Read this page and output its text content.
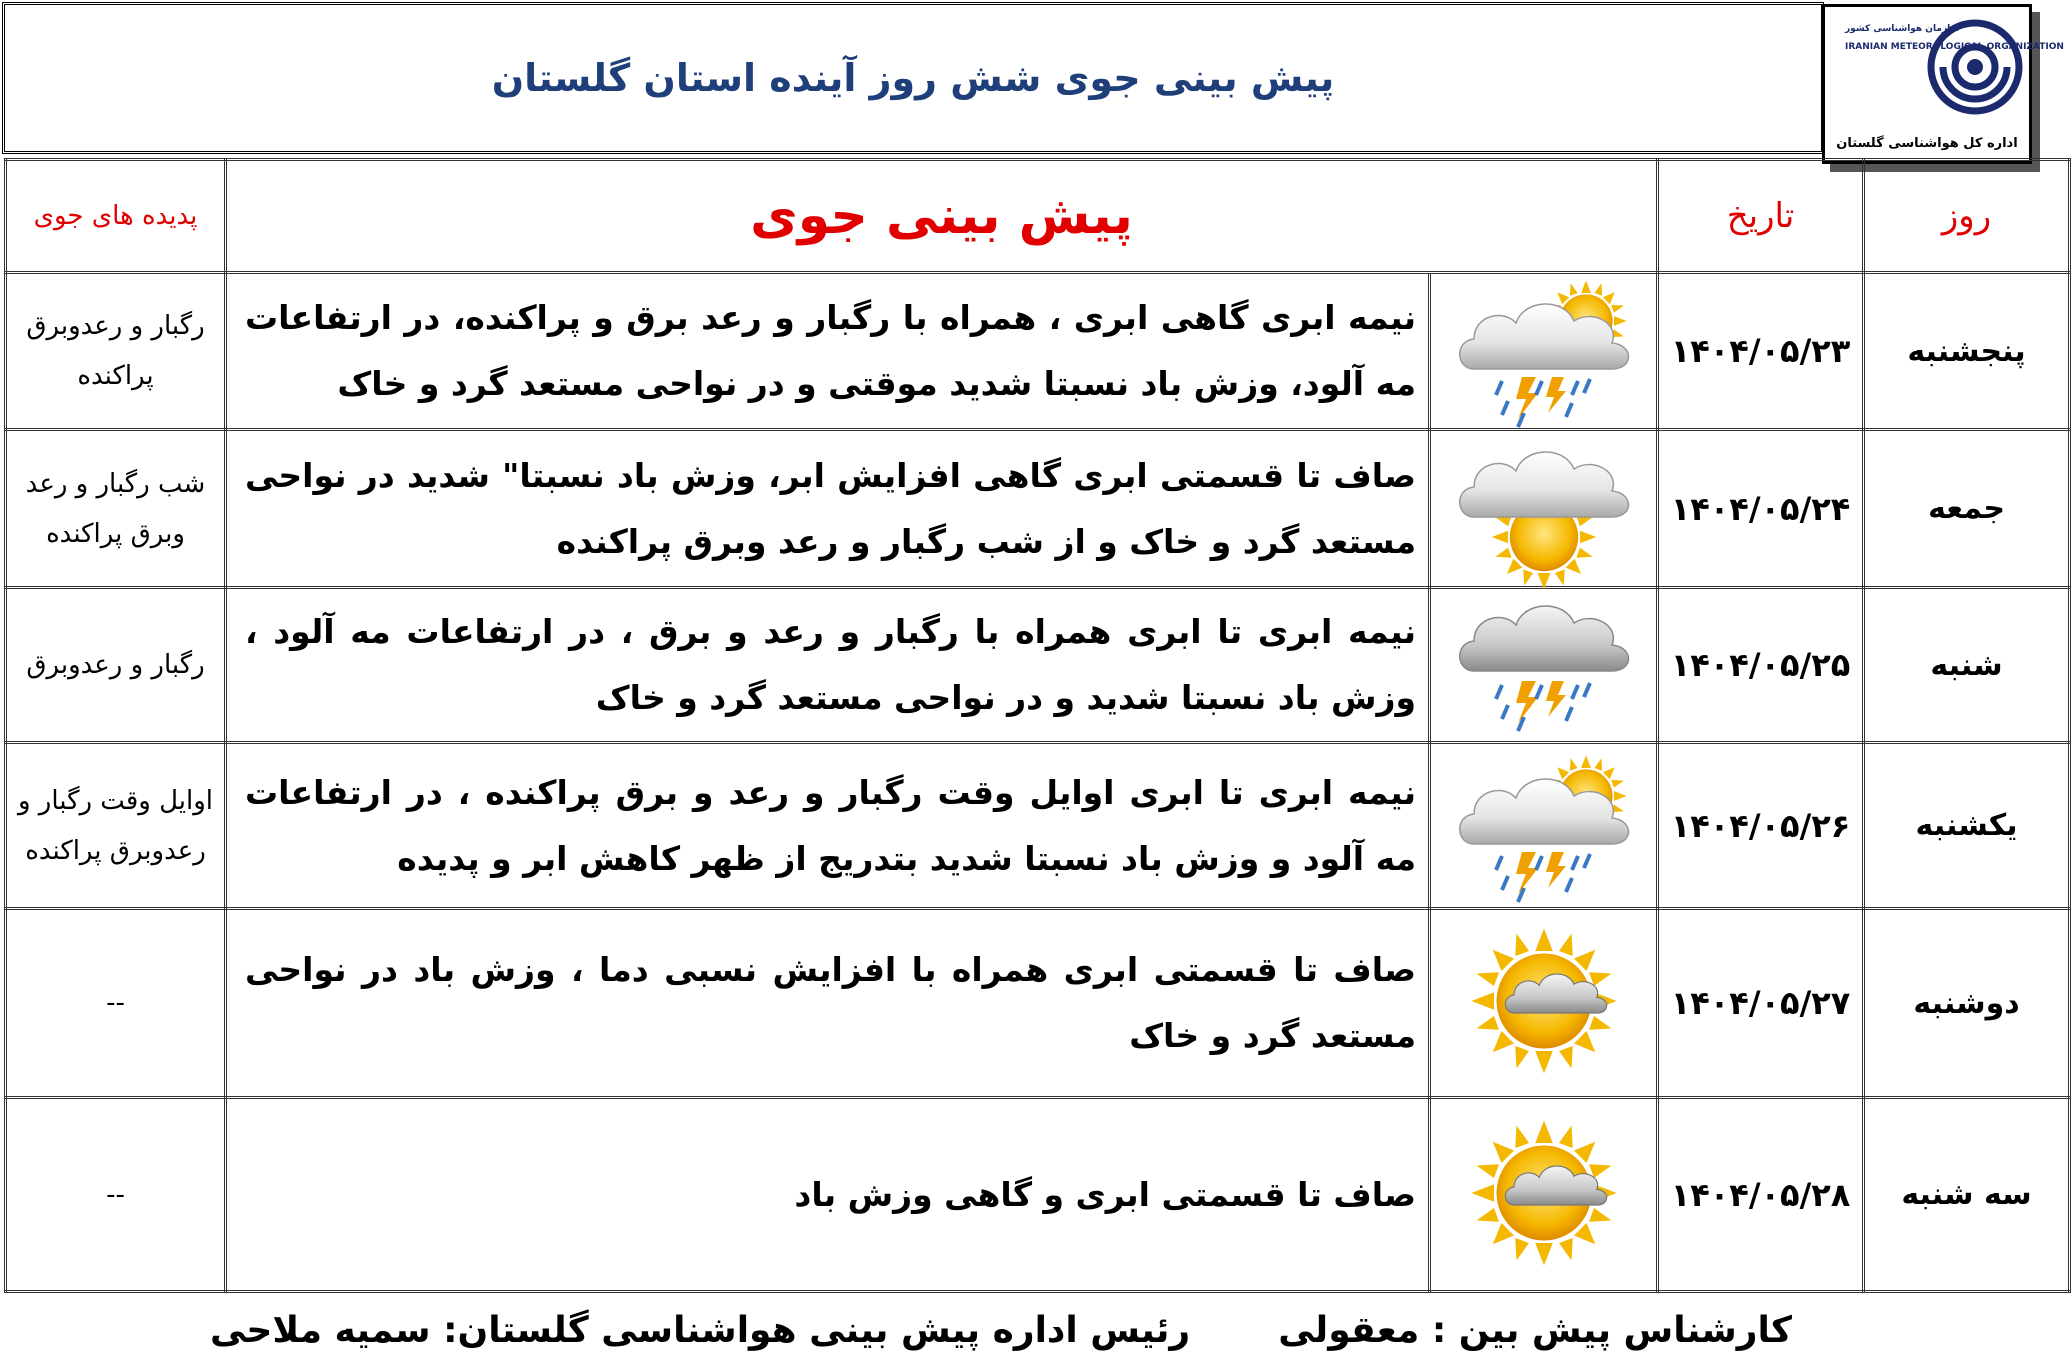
پیش بینی جوی شش روز آینده استان گلستان
سازمان هواشناسی کشور
IRANIAN METEOROLOGICAL ORGANIZATION
اداره کل هواشناسی گلستان
روز	تاریخ	پیش بینی جوی		پدیده های جوی
پنجشنبه	۱۴۰۴/۰۵/۲۳		نیمه ابری گاهی ابری ، همراه با رگبار و رعد برق و پراکنده، در ارتفاعات مه آلود، وزش باد نسبتا شدید موقتی و در نواحی مستعد گرد و خاک	رگبار و رعدوبرق پراکنده
جمعه	۱۴۰۴/۰۵/۲۴		صاف تا قسمتی ابری گاهی افزایش ابر، وزش باد نسبتا" شدید در نواحی مستعد گرد و خاک و از شب رگبار و رعد وبرق پراکنده	شب رگبار و رعد وبرق پراکنده
شنبه	۱۴۰۴/۰۵/۲۵		نیمه ابری تا ابری همراه با رگبار و رعد و برق ، در ارتفاعات مه آلود ، وزش باد نسبتا شدید و در نواحی مستعد گرد و خاک	رگبار و رعدوبرق
یکشنبه	۱۴۰۴/۰۵/۲۶		نیمه ابری تا ابری اوایل وقت رگبار و رعد و برق پراکنده ، در ارتفاعات مه آلود و وزش باد نسبتا شدید بتدریج از ظهر کاهش ابر و پدیده	اوایل وقت رگبار و رعدوبرق پراکنده
دوشنبه	۱۴۰۴/۰۵/۲۷		صاف تا قسمتی ابری همراه با افزایش نسبی دما ، وزش باد در نواحی مستعد گرد و خاک	--
سه شنبه	۱۴۰۴/۰۵/۲۸		صاف تا قسمتی ابری و گاهی وزش باد	--
کارشناس پیش بین : معقولی
رئیس اداره پیش بینی هواشناسی گلستان: سمیه ملاحی
